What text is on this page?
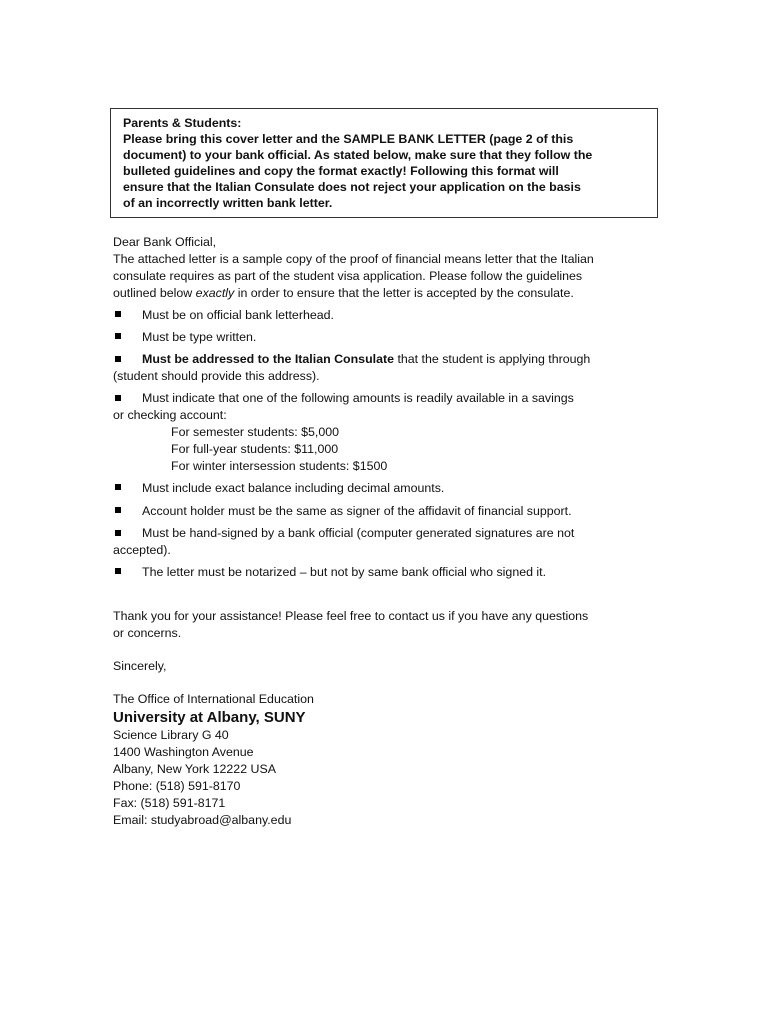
Parents & Students:
Please bring this cover letter and the SAMPLE BANK LETTER (page 2 of this
document) to your bank official. As stated below, make sure that they follow the
bulleted guidelines and copy the format exactly! Following this format will
ensure that the Italian Consulate does not reject your application on the basis
of an incorrectly written bank letter.
Dear Bank Official,
The attached letter is a sample copy of the proof of financial means letter that the Italian
consulate requires as part of the student visa application. Please follow the guidelines
outlined below exactly in order to ensure that the letter is accepted by the consulate.
Must be on official bank letterhead.
Must be type written.
Must be addressed to the Italian Consulate that the student is applying through
(student should provide this address).
Must indicate that one of the following amounts is readily available in a savings
or checking account:
For semester students: $5,000
For full-year students: $11,000
For winter intersession students: $1500
Must include exact balance including decimal amounts.
Account holder must be the same as signer of the affidavit of financial support.
Must be hand-signed by a bank official (computer generated signatures are not
accepted).
The letter must be notarized – but not by same bank official who signed it.
Thank you for your assistance! Please feel free to contact us if you have any questions
or concerns.
Sincerely,
The Office of International Education
University at Albany, SUNY
Science Library G 40
1400 Washington Avenue
Albany, New York 12222 USA
Phone: (518) 591-8170
Fax: (518) 591-8171
Email: studyabroad@albany.edu
